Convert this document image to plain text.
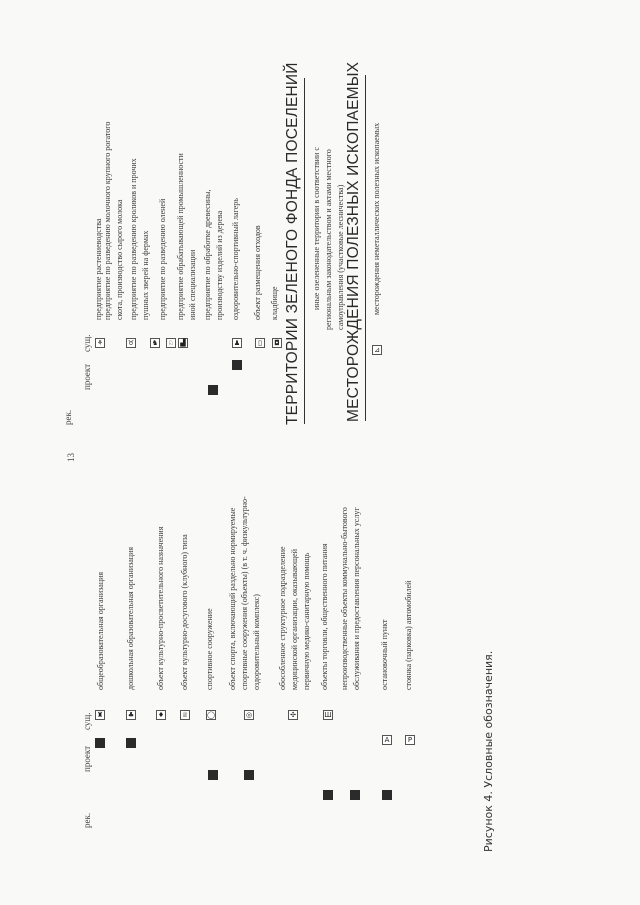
13
рек.
проект
сущ.
рек.
проект
сущ.
♜
общеобразовательная организация
♣
дошкольная образовательная организация
♦
объект культурно-просветительного назначения
♕
объект культурно-досугового (клубного) типа
◯
спортивное сооружение
◎
объект спорта, включающий раздельно нормируемые спортивные сооружения (объекты) (в т. ч. физкультурно- оздоровительный комплекс)
✣
обособленное структурное подразделение медицинской организации, оказывающей первичную медико-санитарную помощь
Ш
объекты торговли, общественного питания непроизводственные объекты коммунально-бытового обслуживания и предоставления персональных услуг
A
остановочный пункт
P
стоянка (парковка) автомобилей
⚘
предприятие растениеводства
♉
предприятие по разведению молочного крупного рогатого скота, производство сырого молока
♞
предприятие по разведению кроликов и прочих пушных зверей на фермах
♘
предприятие по разведению оленей
▟
предприятие обрабатывающей промышленности иной специализации предприятие по обработке древесины, производству изделий из дерева
♟
оздоровительно-спортивный лагерь
▯
объект размещения отходов
◘
кладбище ТЕРРИТОРИИ ЗЕЛЕНОГО ФОНДА ПОСЕЛЕНИЙ иные озелененные территории в соответствии с региональным законодательством и актами местного самоуправления (участковые лесничества) МЕСТОРОЖДЕНИЯ ПОЛЕЗНЫХ ИСКОПАЕМЫХ ⊿
месторождения неметаллических полезных ископаемых
Рисунок 4. Условные обозначения.
